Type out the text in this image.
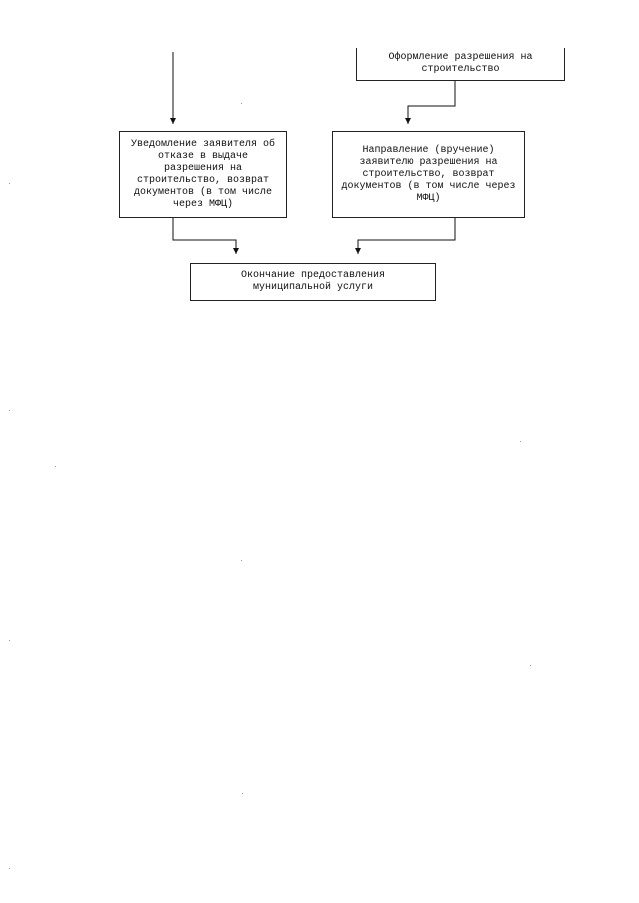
Оформление разрешения на
строительство
Уведомление заявителя об
отказе в выдаче
разрешения на
строительство, возврат
документов (в том числе
через МФЦ)
Направление (вручение)
заявителю разрешения на
строительство, возврат
документов (в том числе через
МФЦ)
Окончание предоставления
муниципальной услуги
